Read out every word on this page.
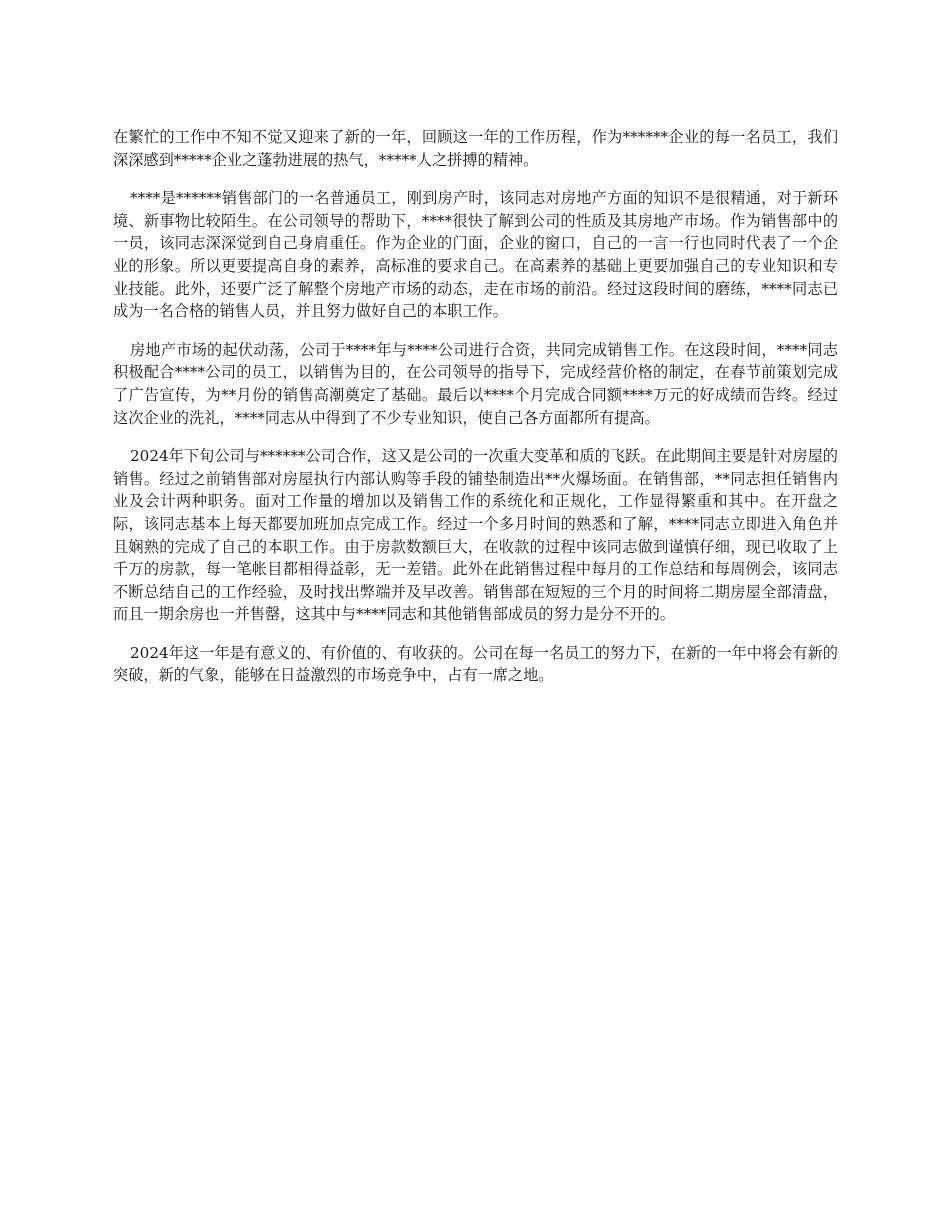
在繁忙的工作中不知不觉又迎来了新的一年，回顾这一年的工作历程，作为******企业的每一名员工，我们深深感到*****企业之蓬勃进展的热气，*****人之拼搏的精神。

****是******销售部门的一名普通员工，刚到房产时，该同志对房地产方面的知识不是很精通，对于新环境、新事物比较陌生。在公司领导的帮助下，****很快了解到公司的性质及其房地产市场。作为销售部中的一员，该同志深深觉到自己身肩重任。作为企业的门面，企业的窗口，自己的一言一行也同时代表了一个企业的形象。所以更要提高自身的素养，高标准的要求自己。在高素养的基础上更要加强自己的专业知识和专业技能。此外，还要广泛了解整个房地产市场的动态，走在市场的前沿。经过这段时间的磨练，****同志已成为一名合格的销售人员，并且努力做好自己的本职工作。

房地产市场的起伏动荡，公司于****年与****公司进行合资，共同完成销售工作。在这段时间，****同志积极配合****公司的员工，以销售为目的，在公司领导的指导下，完成经营价格的制定，在春节前策划完成了广告宣传，为**月份的销售高潮奠定了基础。最后以****个月完成合同额****万元的好成绩而告终。经过这次企业的洗礼，****同志从中得到了不少专业知识，使自己各方面都所有提高。

2024年下旬公司与******公司合作，这又是公司的一次重大变革和质的飞跃。在此期间主要是针对房屋的销售。经过之前销售部对房屋执行内部认购等手段的铺垫制造出**火爆场面。在销售部，**同志担任销售内业及会计两种职务。面对工作量的增加以及销售工作的系统化和正规化，工作显得繁重和其中。在开盘之际，该同志基本上每天都要加班加点完成工作。经过一个多月时间的熟悉和了解，****同志立即进入角色并且娴熟的完成了自己的本职工作。由于房款数额巨大，在收款的过程中该同志做到谨慎仔细，现已收取了上千万的房款，每一笔帐目都相得益彰，无一差错。此外在此销售过程中每月的工作总结和每周例会，该同志不断总结自己的工作经验，及时找出弊端并及早改善。销售部在短短的三个月的时间将二期房屋全部清盘，而且一期余房也一并售罄，这其中与****同志和其他销售部成员的努力是分不开的。

2024年这一年是有意义的、有价值的、有收获的。公司在每一名员工的努力下，在新的一年中将会有新的突破，新的气象，能够在日益激烈的市场竞争中，占有一席之地。
